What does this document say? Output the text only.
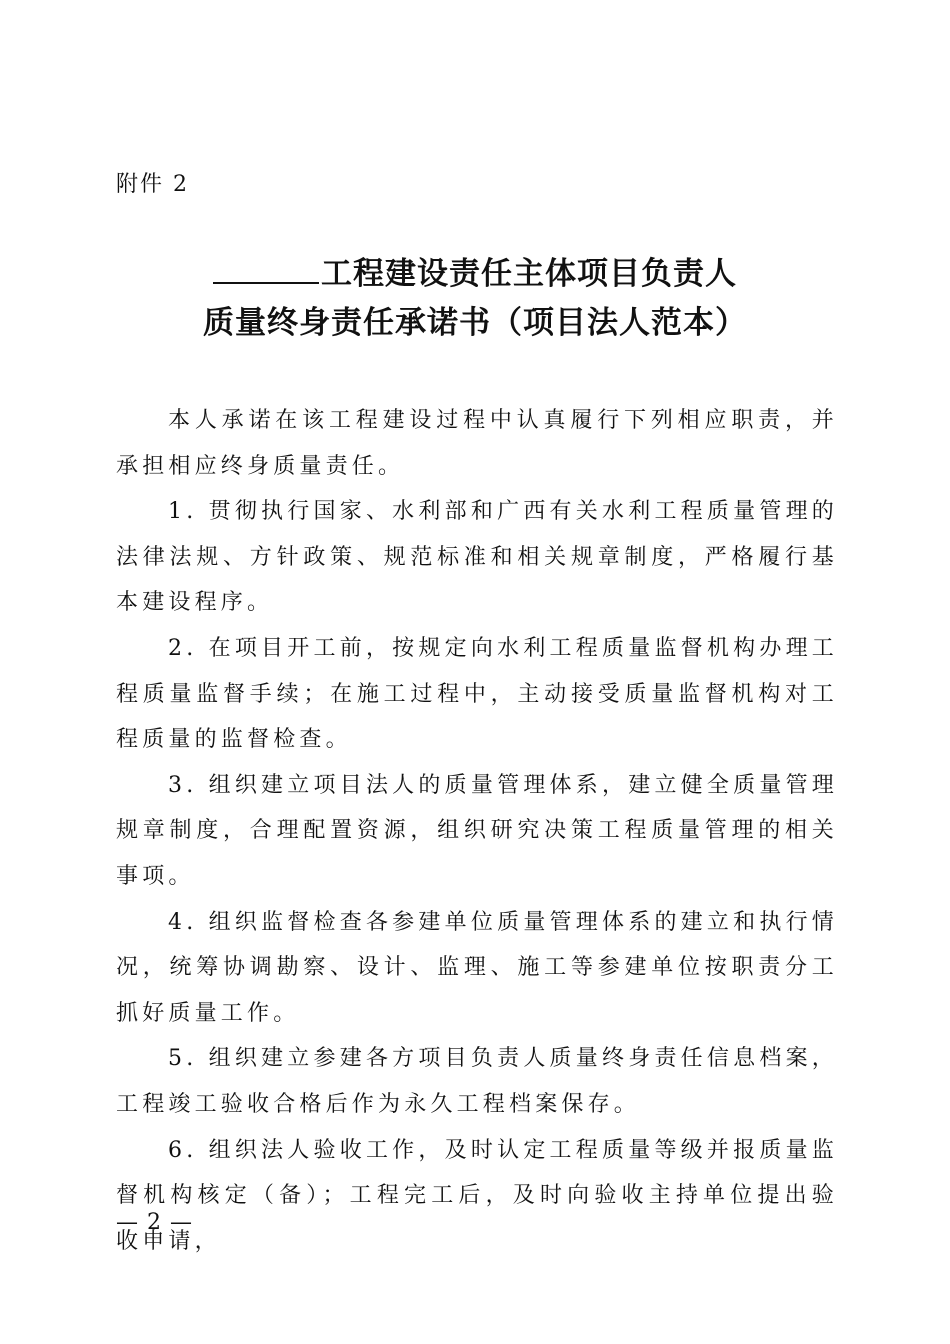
附件 2
工程建设责任主体项目负责人
质量终身责任承诺书（项目法人范本）

本人承诺在该工程建设过程中认真履行下列相应职责，并承担相应终身质量责任。

1. 贯彻执行国家、水利部和广西有关水利工程质量管理的法律法规、方针政策、规范标准和相关规章制度，严格履行基本建设程序。

2. 在项目开工前，按规定向水利工程质量监督机构办理工程质量监督手续；在施工过程中，主动接受质量监督机构对工程质量的监督检查。

3. 组织建立项目法人的质量管理体系，建立健全质量管理规章制度，合理配置资源，组织研究决策工程质量管理的相关事项。

4. 组织监督检查各参建单位质量管理体系的建立和执行情况，统筹协调勘察、设计、监理、施工等参建单位按职责分工抓好质量工作。

5. 组织建立参建各方项目负责人质量终身责任信息档案，工程竣工验收合格后作为永久工程档案保存。

6. 组织法人验收工作，及时认定工程质量等级并报质量监督机构核定（备）；工程完工后，及时向验收主持单位提出验收申请，

— 2 —
